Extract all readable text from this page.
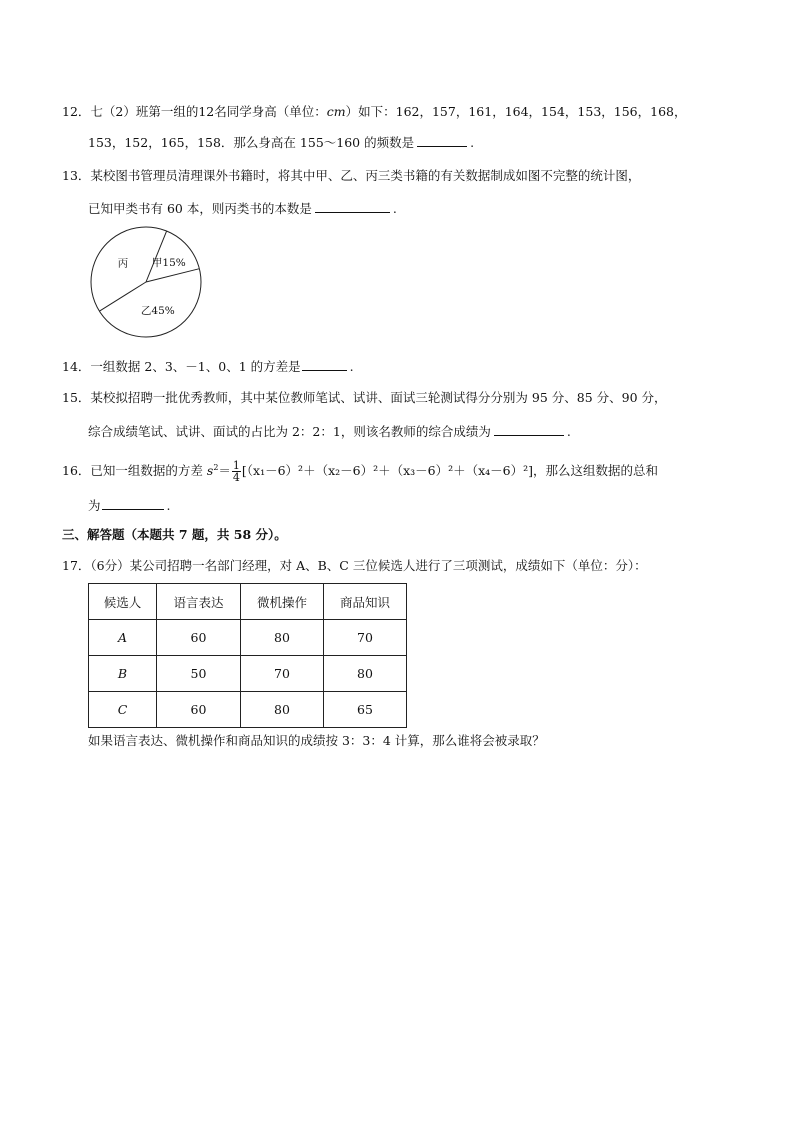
12．七（2）班第一组的12名同学身高（单位：cm）如下：162，157，161，164，154，153，156，168，
153，152，165，158．那么身高在 155～160 的频数是	.
13．某校图书管理员清理课外书籍时，将其中甲、乙、丙三类书籍的有关数据制成如图不完整的统计图，
已知甲类书有 60 本，则丙类书的本数是	.
甲15%
乙45%
丙
14．一组数据 2、3、－1、0、1 的方差是	.
15．某校拟招聘一批优秀教师，其中某位教师笔试、试讲、面试三轮测试得分分别为 95 分、85 分、90 分，
综合成绩笔试、试讲、面试的占比为 2：2：1，则该名教师的综合成绩为	.
16．已知一组数据的方差 $s^2= \frac{1}{4} [(x_1-6)^2+(x_2-6)^2+(x_3-6)^2+(x_4-6)^2]$，那么这组数据的总和
为	.
三、解答题（本题共 7 题，共 58 分）。
17．（6分）某公司招聘一名部门经理，对 A、B、C 三位候选人进行了三项测试，成绩如下（单位：分）：
候选人	语言表达	微机操作	商品知识
A	60	80	70
B	50	70	80
C	60	80	65
如果语言表达、微机操作和商品知识的成绩按 3：3：4 计算，那么谁将会被录取？
